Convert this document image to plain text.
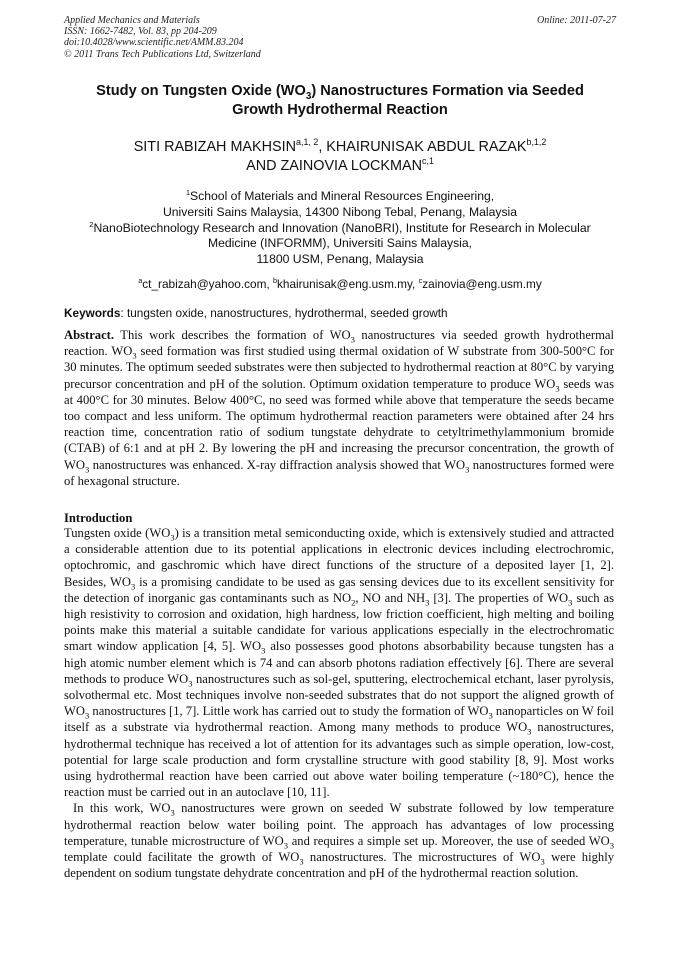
Applied Mechanics and Materials
ISSN: 1662-7482, Vol. 83, pp 204-209
doi:10.4028/www.scientific.net/AMM.83.204
© 2011 Trans Tech Publications Ltd, Switzerland
Online: 2011-07-27
Study on Tungsten Oxide $(WO_3)$ Nanostructures Formation via Seeded
Growth Hydrothermal Reaction
SITI RABIZAH MAKHSIN$^{a,1, 2}$, KHAIRUNISAK ABDUL RAZAK$^{b,1,2}$
AND ZAINOVIA LOCKMAN$^{c,1}$
$^1$School of Materials and Mineral Resources Engineering,
Universiti Sains Malaysia, 14300 Nibong Tebal, Penang, Malaysia
$^2$NanoBiotechnology Research and Innovation (NanoBRI), Institute for Research in Molecular
Medicine (INFORMM), Universiti Sains Malaysia,
11800 USM, Penang, Malaysia
$^a$ct_rabizah@yahoo.com, $^b$khairunisak@eng.usm.my, $^c$zainovia@eng.usm.my
Keywords: tungsten oxide, nanostructures, hydrothermal, seeded growth
Abstract. This work describes the formation of $WO_3$ nanostructures via seeded growth hydrothermal reaction. $WO_3$ seed formation was first studied using thermal oxidation of W substrate from 300-500°C for 30 minutes. The optimum seeded substrates were then subjected to hydrothermal reaction at 80°C by varying precursor concentration and pH of the solution. Optimum oxidation temperature to produce $WO_3$ seeds was at 400°C for 30 minutes. Below 400°C, no seed was formed while above that temperature the seeds became too compact and less uniform. The optimum hydrothermal reaction parameters were obtained after 24 hrs reaction time, concentration ratio of sodium tungstate dehydrate to cetyltrimethylammonium bromide (CTAB) of 6:1 and at pH 2. By lowering the pH and increasing the precursor concentration, the growth of $WO_3$ nanostructures was enhanced. X-ray diffraction analysis showed that $WO_3$ nanostructures formed were of hexagonal structure.
Introduction

Tungsten oxide $(WO_3)$ is a transition metal semiconducting oxide, which is extensively studied and attracted a considerable attention due to its potential applications in electronic devices including electrochromic, optochromic, and gaschromic which have direct functions of the structure of a deposited layer [1, 2]. Besides, $WO_3$ is a promising candidate to be used as gas sensing devices due to its excellent sensitivity for the detection of inorganic gas contaminants such as $NO_2$, NO and $NH_3$ [3]. The properties of $WO_3$ such as high resistivity to corrosion and oxidation, high hardness, low friction coefficient, high melting and boiling points make this material a suitable candidate for various applications especially in the electrochromatic smart window application [4, 5]. $WO_3$ also possesses good photons absorbability because tungsten has a high atomic number element which is 74 and can absorb photons radiation effectively [6]. There are several methods to produce $WO_3$ nanostructures such as sol-gel, sputtering, electrochemical etchant, laser pyrolysis, solvothermal etc. Most techniques involve non-seeded substrates that do not support the aligned growth of $WO_3$ nanostructures [1, 7]. Little work has carried out to study the formation of $WO_3$ nanoparticles on W foil itself as a substrate via hydrothermal reaction. Among many methods to produce $WO_3$ nanostructures, hydrothermal technique has received a lot of attention for its advantages such as simple operation, low-cost, potential for large scale production and form crystalline structure with good stability [8, 9]. Most works using hydrothermal reaction have been carried out above water boiling temperature (~180°C), hence the reaction must be carried out in an autoclave [10, 11].

In this work, $WO_3$ nanostructures were grown on seeded W substrate followed by low temperature hydrothermal reaction below water boiling point. The approach has advantages of low processing temperature, tunable microstructure of $WO_3$ and requires a simple set up. Moreover, the use of seeded $WO_3$ template could facilitate the growth of $WO_3$ nanostructures. The microstructures of $WO_3$ were highly dependent on sodium tungstate dehydrate concentration and pH of the hydrothermal reaction solution.
